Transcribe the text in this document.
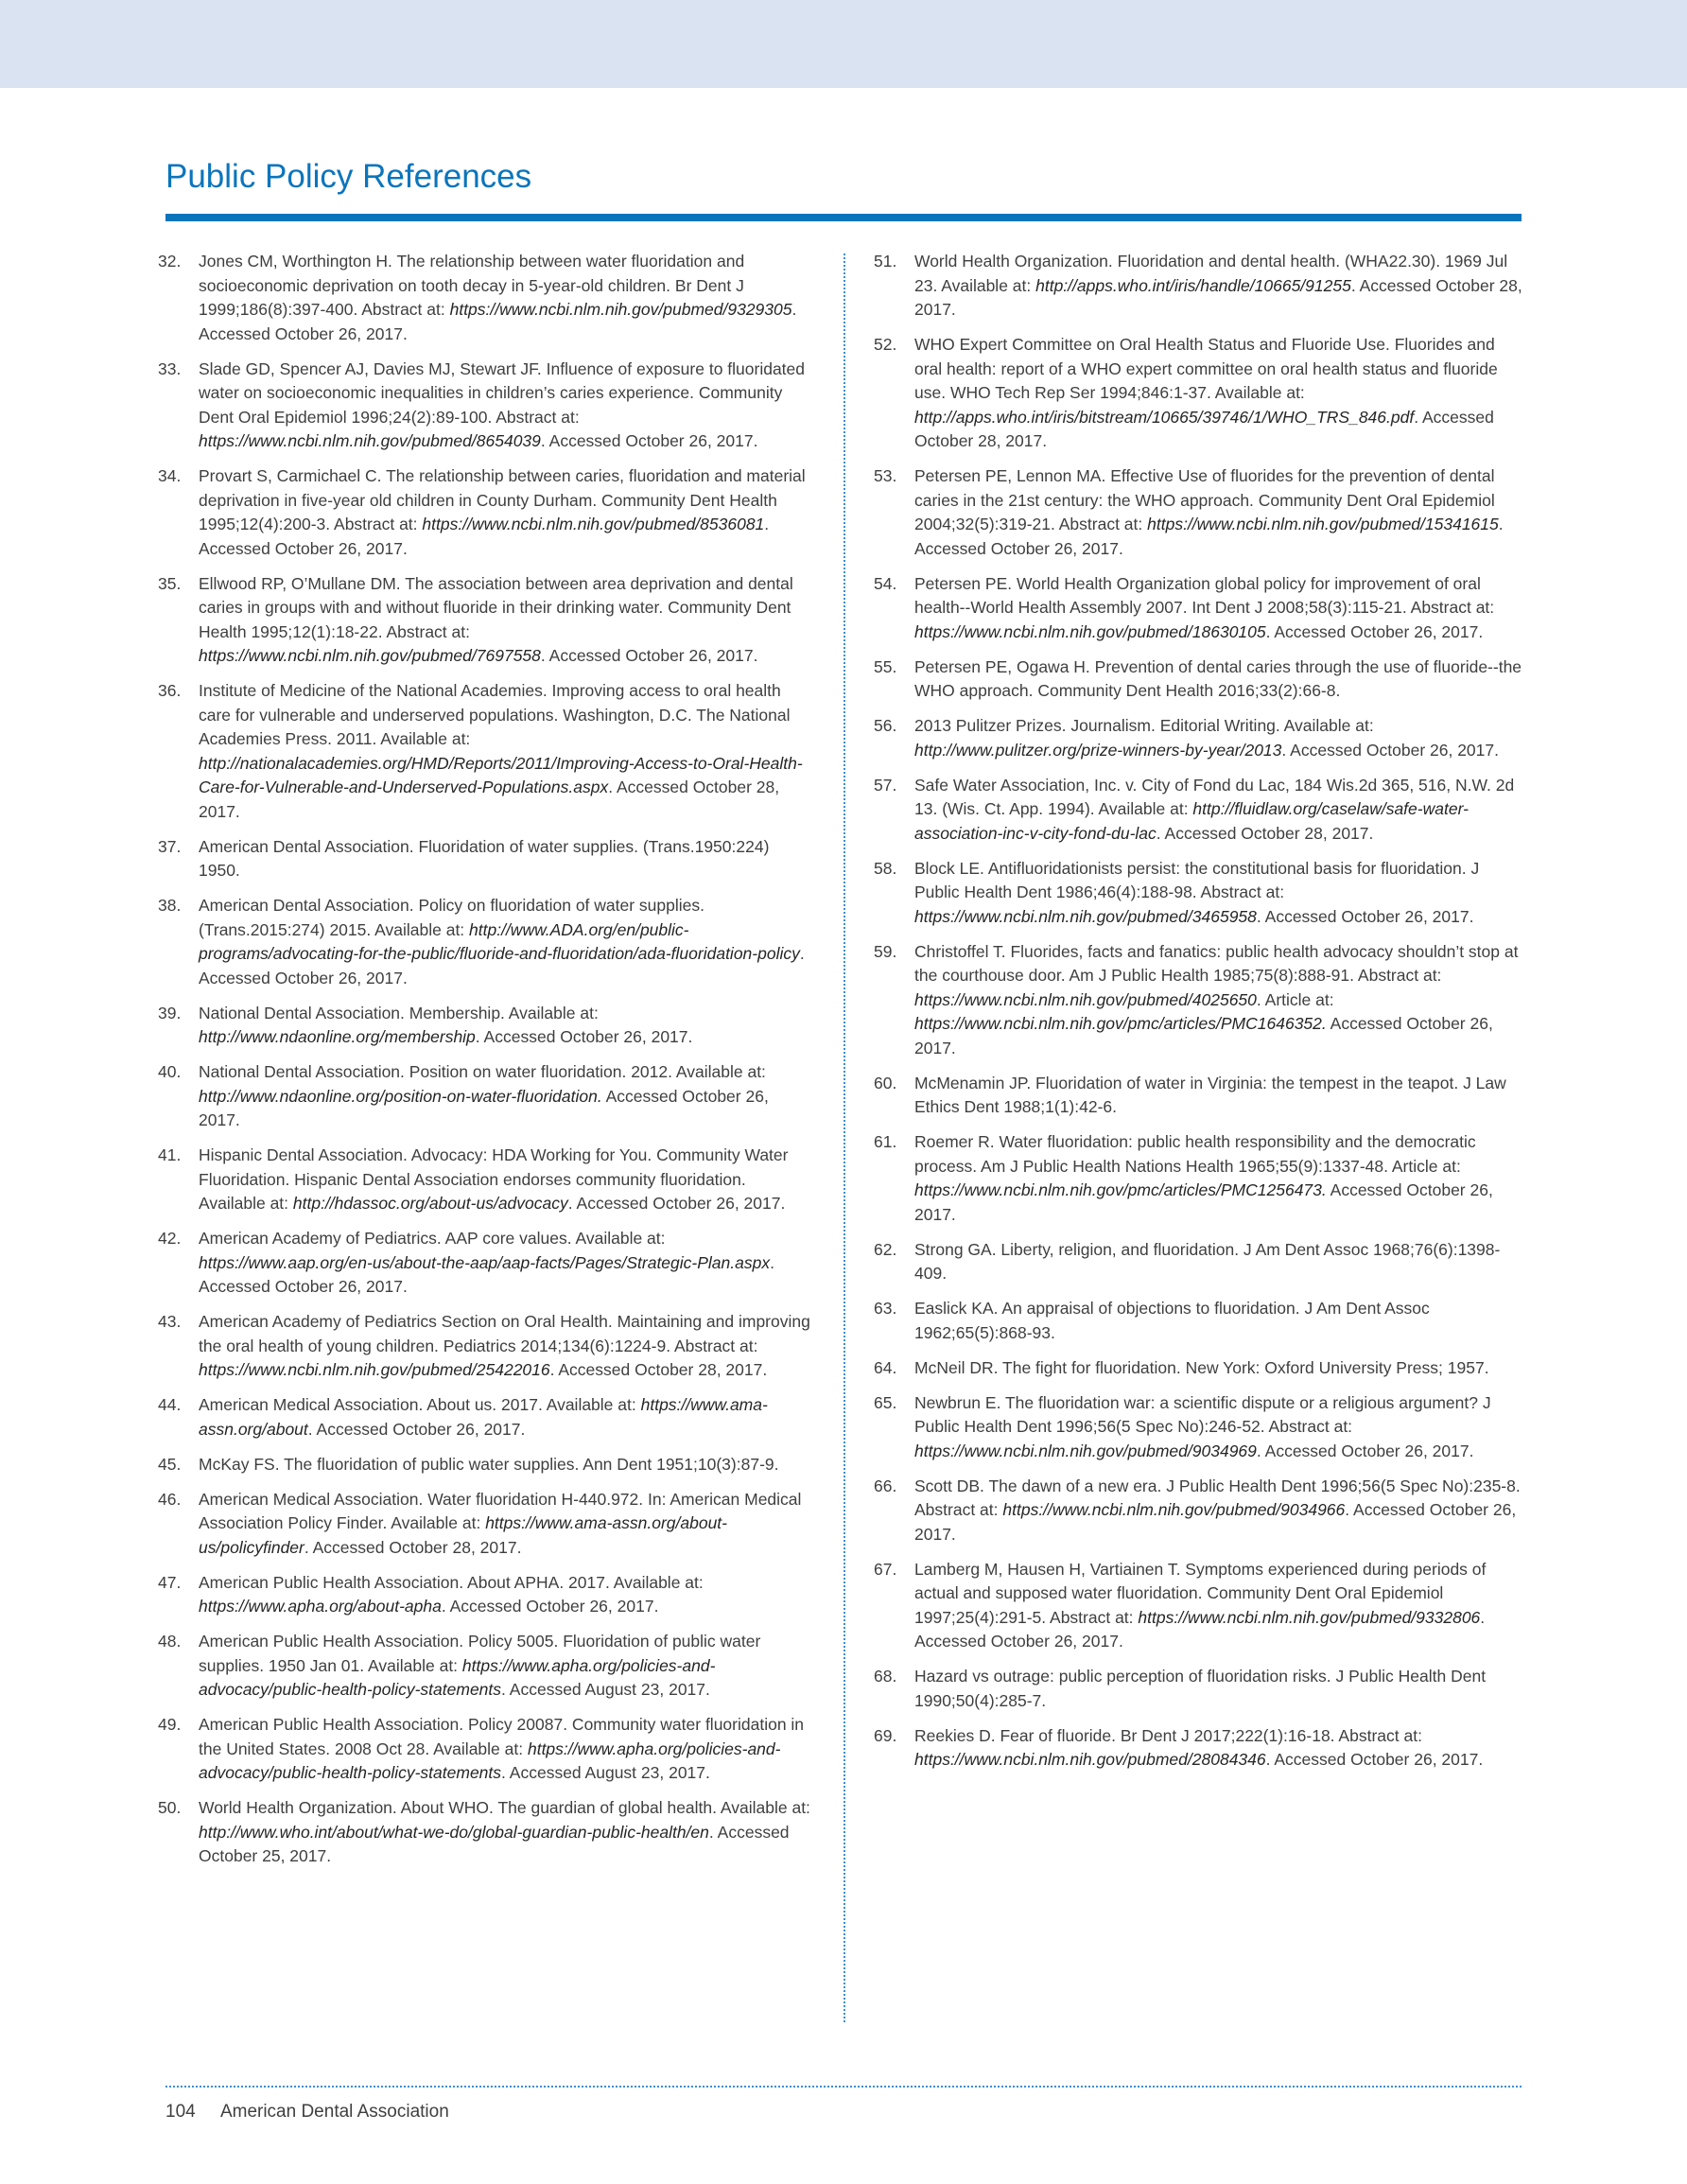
Public Policy References
32. Jones CM, Worthington H. The relationship between water fluoridation and socioeconomic deprivation on tooth decay in 5-year-old children. Br Dent J 1999;186(8):397-400. Abstract at: https://www.ncbi.nlm.nih.gov/pubmed/9329305. Accessed October 26, 2017.
33. Slade GD, Spencer AJ, Davies MJ, Stewart JF. Influence of exposure to fluoridated water on socioeconomic inequalities in children’s caries experience. Community Dent Oral Epidemiol 1996;24(2):89-100. Abstract at: https://www.ncbi.nlm.nih.gov/pubmed/8654039. Accessed October 26, 2017.
34. Provart S, Carmichael C. The relationship between caries, fluoridation and material deprivation in five-year old children in County Durham. Community Dent Health 1995;12(4):200-3. Abstract at: https://www.ncbi.nlm.nih.gov/pubmed/8536081. Accessed October 26, 2017.
35. Ellwood RP, O’Mullane DM. The association between area deprivation and dental caries in groups with and without fluoride in their drinking water. Community Dent Health 1995;12(1):18-22. Abstract at: https://www.ncbi.nlm.nih.gov/pubmed/7697558. Accessed October 26, 2017.
36. Institute of Medicine of the National Academies. Improving access to oral health care for vulnerable and underserved populations. Washington, D.C. The National Academies Press. 2011. Available at: http://nationalacademies.org/HMD/Reports/2011/Improving-Access-to-Oral-Health-Care-for-Vulnerable-and-Underserved-Populations.aspx. Accessed October 28, 2017.
37. American Dental Association. Fluoridation of water supplies. (Trans.1950:224) 1950.
38. American Dental Association. Policy on fluoridation of water supplies. (Trans.2015:274) 2015. Available at: http://www.ADA.org/en/public-programs/advocating-for-the-public/fluoride-and-fluoridation/ada-fluoridation-policy. Accessed October 26, 2017.
39. National Dental Association. Membership. Available at: http://www.ndaonline.org/membership. Accessed October 26, 2017.
40. National Dental Association. Position on water fluoridation. 2012. Available at: http://www.ndaonline.org/position-on-water-fluoridation. Accessed October 26, 2017.
41. Hispanic Dental Association. Advocacy: HDA Working for You. Community Water Fluoridation. Hispanic Dental Association endorses community fluoridation. Available at: http://hdassoc.org/about-us/advocacy. Accessed October 26, 2017.
42. American Academy of Pediatrics. AAP core values. Available at: https://www.aap.org/en-us/about-the-aap/aap-facts/Pages/Strategic-Plan.aspx. Accessed October 26, 2017.
43. American Academy of Pediatrics Section on Oral Health. Maintaining and improving the oral health of young children. Pediatrics 2014;134(6):1224-9. Abstract at: https://www.ncbi.nlm.nih.gov/pubmed/25422016. Accessed October 28, 2017.
44. American Medical Association. About us. 2017. Available at: https://www.ama-assn.org/about. Accessed October 26, 2017.
45. McKay FS. The fluoridation of public water supplies. Ann Dent 1951;10(3):87-9.
46. American Medical Association. Water fluoridation H-440.972. In: American Medical Association Policy Finder. Available at: https://www.ama-assn.org/about-us/policyfinder. Accessed October 28, 2017.
47. American Public Health Association. About APHA. 2017. Available at: https://www.apha.org/about-apha. Accessed October 26, 2017.
48. American Public Health Association. Policy 5005. Fluoridation of public water supplies. 1950 Jan 01. Available at: https://www.apha.org/policies-and-advocacy/public-health-policy-statements. Accessed August 23, 2017.
49. American Public Health Association. Policy 20087. Community water fluoridation in the United States. 2008 Oct 28. Available at: https://www.apha.org/policies-and-advocacy/public-health-policy-statements. Accessed August 23, 2017.
50. World Health Organization. About WHO. The guardian of global health. Available at: http://www.who.int/about/what-we-do/global-guardian-public-health/en. Accessed October 25, 2017.
51. World Health Organization. Fluoridation and dental health. (WHA22.30). 1969 Jul 23. Available at: http://apps.who.int/iris/handle/10665/91255. Accessed October 28, 2017.
52. WHO Expert Committee on Oral Health Status and Fluoride Use. Fluorides and oral health: report of a WHO expert committee on oral health status and fluoride use. WHO Tech Rep Ser 1994;846:1-37. Available at: http://apps.who.int/iris/bitstream/10665/39746/1/WHO_TRS_846.pdf. Accessed October 28, 2017.
53. Petersen PE, Lennon MA. Effective Use of fluorides for the prevention of dental caries in the 21st century: the WHO approach. Community Dent Oral Epidemiol 2004;32(5):319-21. Abstract at: https://www.ncbi.nlm.nih.gov/pubmed/15341615. Accessed October 26, 2017.
54. Petersen PE. World Health Organization global policy for improvement of oral health--World Health Assembly 2007. Int Dent J 2008;58(3):115-21. Abstract at: https://www.ncbi.nlm.nih.gov/pubmed/18630105. Accessed October 26, 2017.
55. Petersen PE, Ogawa H. Prevention of dental caries through the use of fluoride--the WHO approach. Community Dent Health 2016;33(2):66-8.
56. 2013 Pulitzer Prizes. Journalism. Editorial Writing. Available at: http://www.pulitzer.org/prize-winners-by-year/2013. Accessed October 26, 2017.
57. Safe Water Association, Inc. v. City of Fond du Lac, 184 Wis.2d 365, 516, N.W. 2d 13. (Wis. Ct. App. 1994). Available at: http://fluidlaw.org/caselaw/safe-water-association-inc-v-city-fond-du-lac. Accessed October 28, 2017.
58. Block LE. Antifluoridationists persist: the constitutional basis for fluoridation. J Public Health Dent 1986;46(4):188-98. Abstract at: https://www.ncbi.nlm.nih.gov/pubmed/3465958. Accessed October 26, 2017.
59. Christoffel T. Fluorides, facts and fanatics: public health advocacy shouldn’t stop at the courthouse door. Am J Public Health 1985;75(8):888-91. Abstract at: https://www.ncbi.nlm.nih.gov/pubmed/4025650. Article at: https://www.ncbi.nlm.nih.gov/pmc/articles/PMC1646352. Accessed October 26, 2017.
60. McMenamin JP. Fluoridation of water in Virginia: the tempest in the teapot. J Law Ethics Dent 1988;1(1):42-6.
61. Roemer R. Water fluoridation: public health responsibility and the democratic process. Am J Public Health Nations Health 1965;55(9):1337-48. Article at: https://www.ncbi.nlm.nih.gov/pmc/articles/PMC1256473. Accessed October 26, 2017.
62. Strong GA. Liberty, religion, and fluoridation. J Am Dent Assoc 1968;76(6):1398-409.
63. Easlick KA. An appraisal of objections to fluoridation. J Am Dent Assoc 1962;65(5):868-93.
64. McNeil DR. The fight for fluoridation. New York: Oxford University Press; 1957.
65. Newbrun E. The fluoridation war: a scientific dispute or a religious argument? J Public Health Dent 1996;56(5 Spec No):246-52. Abstract at: https://www.ncbi.nlm.nih.gov/pubmed/9034969. Accessed October 26, 2017.
66. Scott DB. The dawn of a new era. J Public Health Dent 1996;56(5 Spec No):235-8. Abstract at: https://www.ncbi.nlm.nih.gov/pubmed/9034966. Accessed October 26, 2017.
67. Lamberg M, Hausen H, Vartiainen T. Symptoms experienced during periods of actual and supposed water fluoridation. Community Dent Oral Epidemiol 1997;25(4):291-5. Abstract at: https://www.ncbi.nlm.nih.gov/pubmed/9332806. Accessed October 26, 2017.
68. Hazard vs outrage: public perception of fluoridation risks. J Public Health Dent 1990;50(4):285-7.
69. Reekies D. Fear of fluoride. Br Dent J 2017;222(1):16-18. Abstract at: https://www.ncbi.nlm.nih.gov/pubmed/28084346. Accessed October 26, 2017.
104 American Dental Association
